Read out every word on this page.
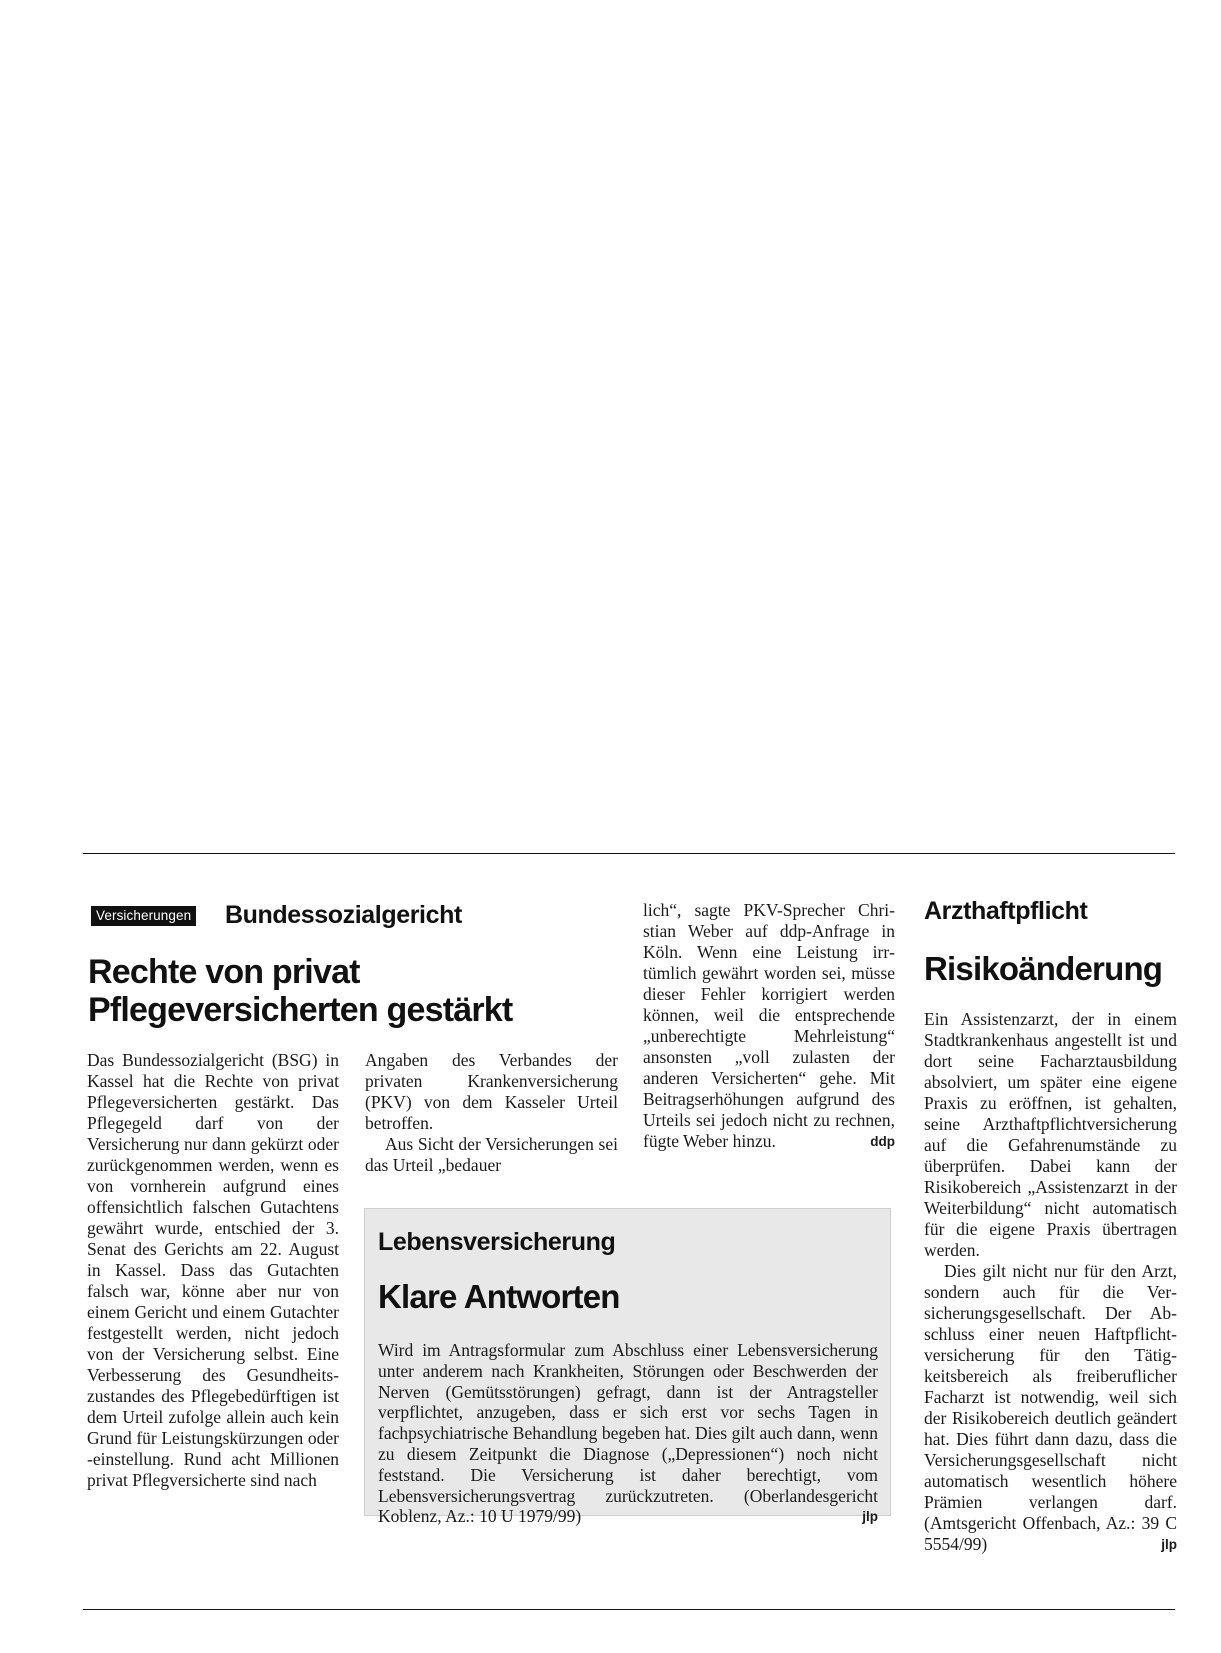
Versicherungen Bundessozialgericht
Rechte von privat
Pflegeversicherten gestärkt

Das Bundessozialgericht (BSG) in Kassel hat die Rechte von privat Pflegeversicherten gestärkt. Das Pflegegeld darf von der Versicherung nur dann gekürzt oder zurückgenommen werden, wenn es von vornherein aufgrund eines offensichtlich falschen Gutachtens gewährt wurde, entschied der 3. Senat des Gerichts am 22. August in Kassel. Dass das Gutachten falsch war, könne aber nur von einem Gericht und einem Gutachter festgestellt werden, nicht jedoch von der Versicherung selbst. Eine Verbesserung des Gesundheitszustandes des Pflegebedürftigen ist dem Urteil zufolge allein auch kein Grund für Leistungskürzungen oder -einstellung. Rund acht Millionen privat Pflegversicherte sind nach

Angaben des Verbandes der privaten Krankenversicherung (PKV) von dem Kasseler Urteil betroffen.

Aus Sicht der Versicherungen sei das Urteil „bedauer

lich“, sagte PKV-Sprecher Christian Weber auf ddp-Anfrage in Köln. Wenn eine Leistung irrtümlich gewährt worden sei, müsse dieser Fehler korrigiert werden können, weil die entsprechende „unberechtigte Mehrleistung“ ansonsten „voll zulasten der anderen Versicherten“ gehe. Mit Beitragserhöhungen aufgrund des Urteils sei jedoch nicht zu rechnen, fügte Weber hinzu.	ddp

Lebensversicherung
Klare Antworten

Wird im Antragsformular zum Abschluss einer Lebensversicherung unter anderem nach Krankheiten, Störungen oder Beschwerden der Nerven (Gemütsstörungen) gefragt, dann ist der Antragsteller verpflichtet, anzugeben, dass er sich erst vor sechs Tagen in fachpsychiatrische Behandlung begeben hat. Dies gilt auch dann, wenn zu diesem Zeitpunkt die Diagnose („Depressionen“) noch nicht feststand. Die Versicherung ist daher berechtigt, vom Lebensversicherungsvertrag zurückzutreten. (Oberlandesgericht Koblenz, Az.: 10 U 1979/99)	jlp

Arzthaftpflicht
Risikoänderung

Ein Assistenzarzt, der in einem Stadtkrankenhaus angestellt ist und dort seine Facharztausbildung absolviert, um später eine eigene Praxis zu eröffnen, ist gehalten, seine Arzthaftpflichtversicherung auf die Gefahrenumstände zu überprüfen. Dabei kann der Risikobereich „Assistenzarzt in der Weiterbildung“ nicht automatisch für die eigene Praxis übertragen werden.

Dies gilt nicht nur für den Arzt, sondern auch für die Versicherungsgesellschaft. Der Abschluss einer neuen Haftpflichtversicherung für den Tätigkeitsbereich als freiberuflicher Facharzt ist notwendig, weil sich der Risikobereich deutlich geändert hat. Dies führt dann dazu, dass die Versicherungsgesellschaft nicht automatisch wesentlich höhere Prämien verlangen darf. (Amtsgericht Offenbach, Az.: 39 C 5554/99)	jlp
